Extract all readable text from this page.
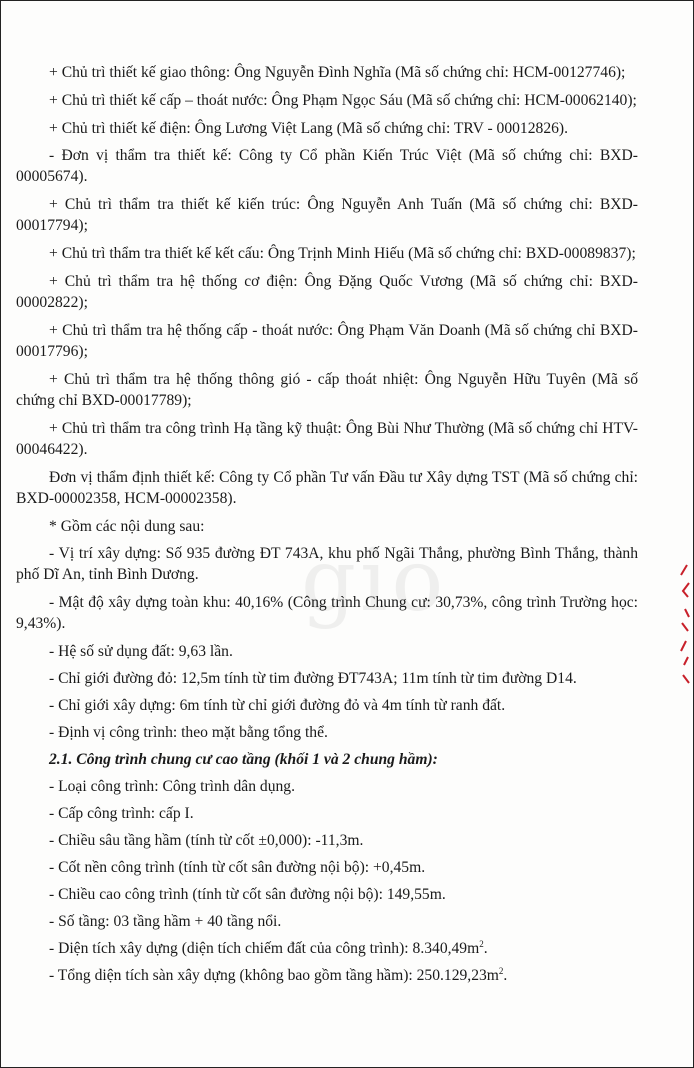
gio

+ Chủ trì thiết kế giao thông: Ông Nguyễn Đình Nghĩa (Mã số chứng chỉ: HCM-00127746);

+ Chủ trì thiết kế cấp – thoát nước: Ông Phạm Ngọc Sáu (Mã số chứng chỉ: HCM-00062140);

+ Chủ trì thiết kế điện: Ông Lương Việt Lang (Mã số chứng chỉ: TRV - 00012826).

- Đơn vị thẩm tra thiết kế: Công ty Cổ phần Kiến Trúc Việt (Mã số chứng chỉ: BXD-00005674).

+ Chủ trì thẩm tra thiết kế kiến trúc: Ông Nguyễn Anh Tuấn (Mã số chứng chỉ: BXD-00017794);

+ Chủ trì thẩm tra thiết kế kết cấu: Ông Trịnh Minh Hiếu (Mã số chứng chỉ: BXD-00089837);

+ Chủ trì thẩm tra hệ thống cơ điện: Ông Đặng Quốc Vương (Mã số chứng chỉ: BXD-00002822);

+ Chủ trì thẩm tra hệ thống cấp - thoát nước: Ông Phạm Văn Doanh (Mã số chứng chỉ BXD-00017796);

+ Chủ trì thẩm tra hệ thống thông gió - cấp thoát nhiệt: Ông Nguyễn Hữu Tuyên (Mã số chứng chỉ BXD-00017789);

+ Chủ trì thẩm tra công trình Hạ tầng kỹ thuật: Ông Bùi Như Thường (Mã số chứng chỉ HTV-00046422).

Đơn vị thẩm định thiết kế: Công ty Cổ phần Tư vấn Đầu tư Xây dựng TST (Mã số chứng chỉ: BXD-00002358, HCM-00002358).

* Gồm các nội dung sau:

- Vị trí xây dựng: Số 935 đường ĐT 743A, khu phố Ngãi Thắng, phường Bình Thắng, thành phố Dĩ An, tỉnh Bình Dương.

- Mật độ xây dựng toàn khu: 40,16% (Công trình Chung cư: 30,73%, công trình Trường học: 9,43%).

- Hệ số sử dụng đất: 9,63 lần.

- Chỉ giới đường đỏ: 12,5m tính từ tim đường ĐT743A; 11m tính từ tim đường D14.

- Chỉ giới xây dựng: 6m tính từ chỉ giới đường đỏ và 4m tính từ ranh đất.

- Định vị công trình: theo mặt bằng tổng thể.

2.1. Công trình chung cư cao tầng (khối 1 và 2 chung hầm):

- Loại công trình: Công trình dân dụng.

- Cấp công trình: cấp I.

- Chiều sâu tầng hầm (tính từ cốt ±0,000): -11,3m.

- Cốt nền công trình (tính từ cốt sân đường nội bộ): +0,45m.

- Chiều cao công trình (tính từ cốt sân đường nội bộ): 149,55m.

- Số tầng: 03 tầng hầm + 40 tầng nổi.

- Diện tích xây dựng (diện tích chiếm đất của công trình): $8.340,49m^2$.

- Tổng diện tích sàn xây dựng (không bao gồm tầng hầm): $250.129,23m^2$.
